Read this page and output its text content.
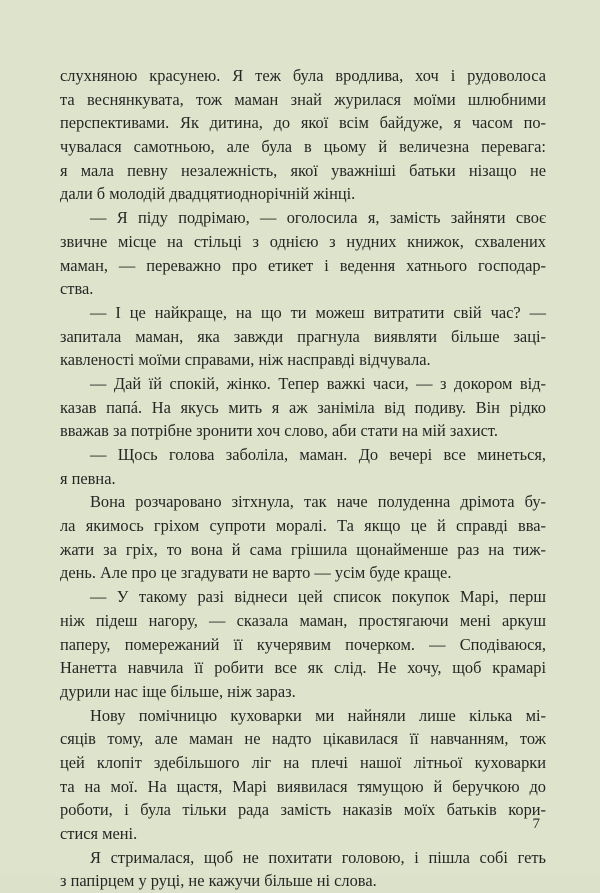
слухняною красунею. Я теж була вродлива, хоч і рудоволоса
та веснянкувата, тож маман знай журилася моїми шлюбними
перспективами. Як дитина, до якої всім байдуже, я часом по-
чувалася самотньою, але була в цьому й величезна перевага:
я мала певну незалежність, якої уважніші батьки нізащо не
дали б молодій двадцятиоднорічній жінці.
— Я піду подрімаю, — оголосила я, замість зайняти своє
звичне місце на стільці з однією з нудних книжок, схвалених
маман, — переважно про етикет і ведення хатнього господар-
ства.
— І це найкраще, на що ти можеш витратити свій час? —
запитала маман, яка завжди прагнула виявляти більше заці-
кавленості моїми справами, ніж насправді відчувала.
— Дай їй спокій, жінко. Тепер важкі часи, — з докором від-
казав папá. На якусь мить я аж заніміла від подиву. Він рідко
вважав за потрібне зронити хоч слово, аби стати на мій захист.
— Щось голова заболіла, маман. До вечері все минеться,
я певна.
Вона розчаровано зітхнула, так наче полуденна дрімота бу-
ла якимось гріхом супроти моралі. Та якщо це й справді вва-
жати за гріх, то вона й сама грішила щонайменше раз на тиж-
день. Але про це згадувати не варто — усім буде краще.
— У такому разі віднеси цей список покупок Марі, перш
ніж підеш нагору, — сказала маман, простягаючи мені аркуш
паперу, помережаний її кучерявим почерком. — Сподіваюся,
Нанетта навчила її робити все як слід. Не хочу, щоб крамарі
дурили нас іще більше, ніж зараз.
Нову помічницю куховарки ми найняли лише кілька мі-
сяців тому, але маман не надто цікавилася її навчанням, тож
цей клопіт здебільшого ліг на плечі нашої літньої куховарки
та на мої. На щастя, Марі виявилася тямущою й беручкою до
роботи, і була тільки рада замість наказів моїх батьків кори-
стися мені.
Я стрималася, щоб не похитати головою, і пішла собі геть
з папірцем у руці, не кажучи більше ні слова.
7
